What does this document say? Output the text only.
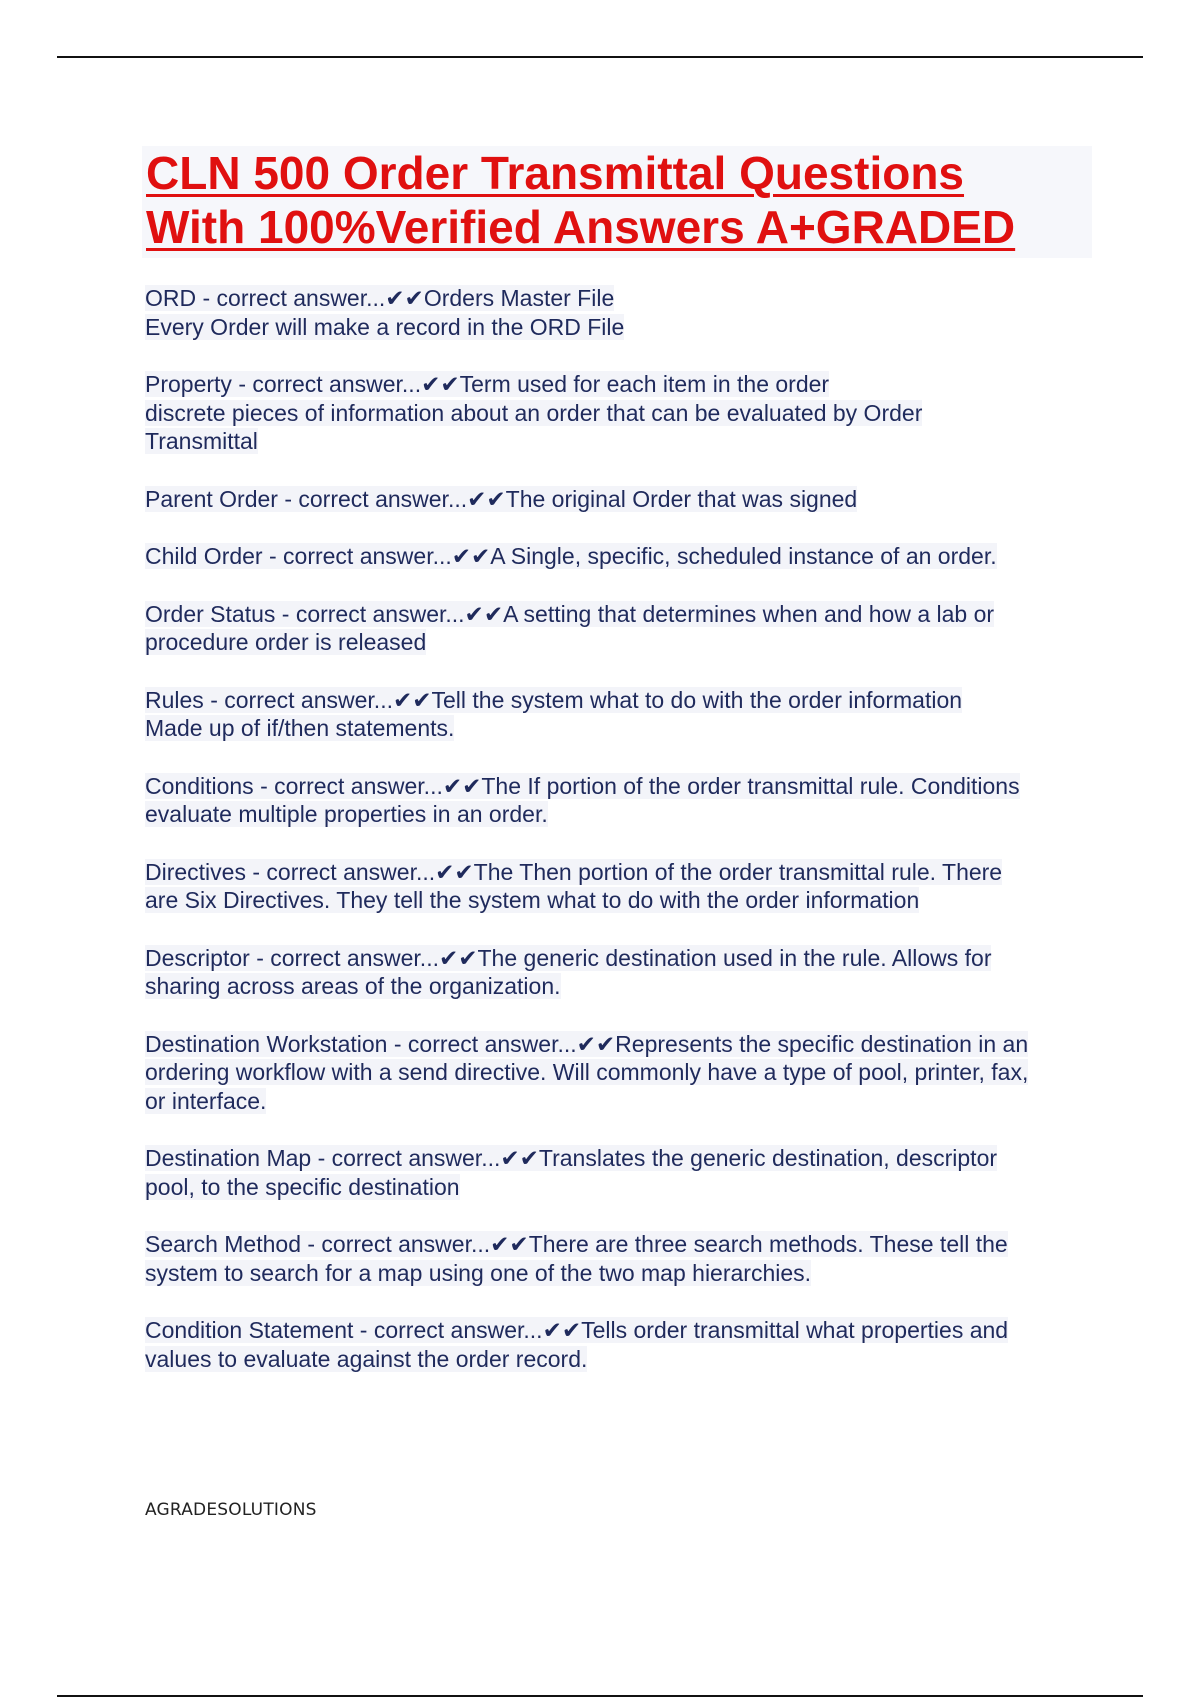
CLN 500 Order Transmittal Questions
With 100%Verified Answers A+GRADED
ORD - correct answer...✔✔Orders Master File
Every Order will make a record in the ORD File
Property - correct answer...✔✔Term used for each item in the order
discrete pieces of information about an order that can be evaluated by Order
Transmittal
Parent Order - correct answer...✔✔The original Order that was signed
Child Order - correct answer...✔✔A Single, specific, scheduled instance of an order.
Order Status - correct answer...✔✔A setting that determines when and how a lab or
procedure order is released
Rules - correct answer...✔✔Tell the system what to do with the order information
Made up of if/then statements.
Conditions - correct answer...✔✔The If portion of the order transmittal rule. Conditions
evaluate multiple properties in an order.
Directives - correct answer...✔✔The Then portion of the order transmittal rule. There
are Six Directives. They tell the system what to do with the order information
Descriptor - correct answer...✔✔The generic destination used in the rule. Allows for
sharing across areas of the organization.
Destination Workstation - correct answer...✔✔Represents the specific destination in an
ordering workflow with a send directive. Will commonly have a type of pool, printer, fax,
or interface.
Destination Map - correct answer...✔✔Translates the generic destination, descriptor
pool, to the specific destination
Search Method - correct answer...✔✔There are three search methods. These tell the
system to search for a map using one of the two map hierarchies.
Condition Statement - correct answer...✔✔Tells order transmittal what properties and
values to evaluate against the order record.
AGRADESOLUTIONS
